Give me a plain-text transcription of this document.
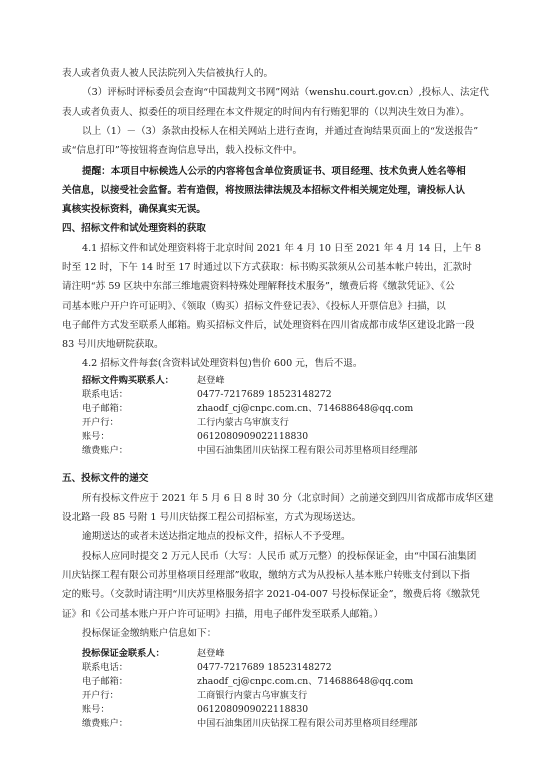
表人或者负责人被人民法院列入失信被执行人的。
（3）评标时评标委员会查询“中国裁判文书网”网站（wenshu.court.gov.cn）,投标人、法定代
表人或者负责人、拟委任的项目经理在本文件规定的时间内有行贿犯罪的（以判决生效日为准）。
以上（1）－（3）条款由投标人在相关网站上进行查询，并通过查询结果页面上的“发送报告”
或“信息打印”等按钮将查询信息导出，载入投标文件中。
提醒：本项目中标候选人公示的内容将包含单位资质证书、项目经理、技术负责人姓名等相
关信息，以接受社会监督。若有造假，将按照法律法规及本招标文件相关规定处理，请投标人认
真核实投标资料，确保真实无误。
四、招标文件和试处理资料的获取
4.1 招标文件和试处理资料将于北京时间 2021 年 4 月 10 日至 2021 年 4 月 14 日，上午 8
时至 12 时，下午 14 时至 17 时通过以下方式获取：标书购买款须从公司基本帐户转出，汇款时
请注明“苏 59 区块中东部三维地震资料特殊处理解释技术服务”，缴费后将《缴款凭证》、《公
司基本账户开户许可证明》、《领取（购买）招标文件登记表》、《投标人开票信息》扫描，以
电子邮件方式发至联系人邮箱。购买招标文件后，试处理资料在四川省成都市成华区建设北路一段
83 号川庆地研院获取。
4.2 招标文件每套(含资料试处理资料包)售价 600 元，售后不退。
招标文件购买联系人：	赵登峰
联系电话：	0477-7217689 18523148272
电子邮箱：	zhaodf_cj@cnpc.com.cn、714688648@qq.com
开户行：	工行内蒙古乌审旗支行
账号：	0612080909022118830
缴费账户：	中国石油集团川庆钻探工程有限公司苏里格项目经理部
五、投标文件的递交
所有投标文件应于 2021 年 5 月 6 日 8 时 30 分（北京时间）之前递交到四川省成都市成华区建
设北路一段 85 号附 1 号川庆钻探工程公司招标室，方式为现场送达。
逾期送达的或者未送达指定地点的投标文件，招标人不予受理。
投标人应同时提交 2 万元人民币（大写：人民币 贰万元整）的投标保证金，由“中国石油集团
川庆钻探工程有限公司苏里格项目经理部”收取，缴纳方式为从投标人基本账户转账支付到以下指
定的账号。（交款时请注明“川庆苏里格服务招字 2021-04-007 号投标保证金”，缴费后将《缴款凭
证》和《公司基本账户开户许可证明》扫描，用电子邮件发至联系人邮箱。）
投标保证金缴纳账户信息如下：
投标保证金联系人：	赵登峰
联系电话：	0477-7217689 18523148272
电子邮箱：	zhaodf_cj@cnpc.com.cn、714688648@qq.com
开户行：	工商银行内蒙古乌审旗支行
账号：	0612080909022118830
缴费账户：	中国石油集团川庆钻探工程有限公司苏里格项目经理部
